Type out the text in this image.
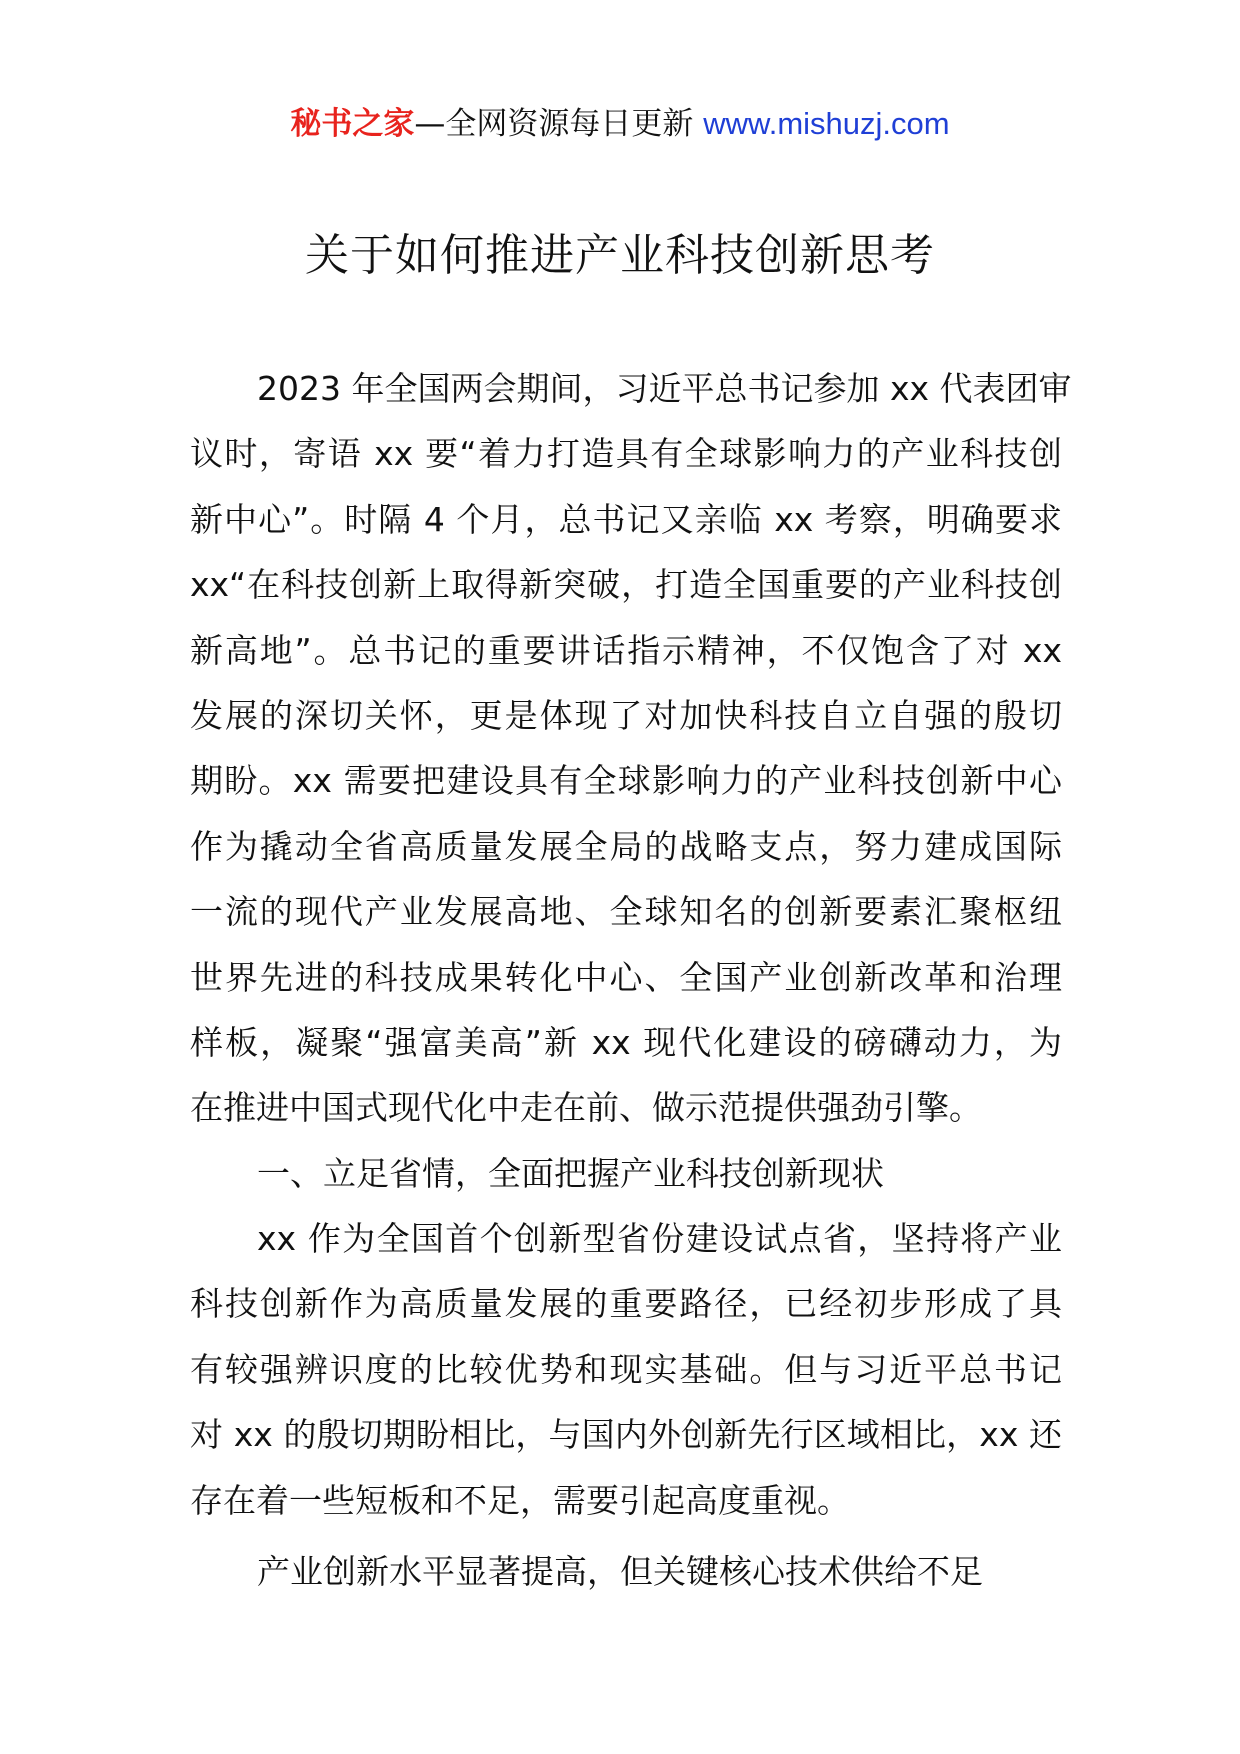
秘书之家—全网资源每日更新 www.mishuzj.com
关于如何推进产业科技创新思考
2023 年全国两会期间，习近平总书记参加 xx 代表团审
议时，寄语 xx 要“着力打造具有全球影响力的产业科技创
新中心”。时隔 4 个月，总书记又亲临 xx 考察，明确要求
xx“在科技创新上取得新突破，打造全国重要的产业科技创
新高地”。总书记的重要讲话指示精神，不仅饱含了对 xx
发展的深切关怀，更是体现了对加快科技自立自强的殷切
期盼。xx 需要把建设具有全球影响力的产业科技创新中心
作为撬动全省高质量发展全局的战略支点，努力建成国际
一流的现代产业发展高地、全球知名的创新要素汇聚枢纽
世界先进的科技成果转化中心、全国产业创新改革和治理
样板，凝聚“强富美高”新 xx 现代化建设的磅礴动力，为
在推进中国式现代化中走在前、做示范提供强劲引擎。
一、立足省情，全面把握产业科技创新现状
xx 作为全国首个创新型省份建设试点省，坚持将产业
科技创新作为高质量发展的重要路径，已经初步形成了具
有较强辨识度的比较优势和现实基础。但与习近平总书记
对 xx 的殷切期盼相比，与国内外创新先行区域相比，xx 还
存在着一些短板和不足，需要引起高度重视。
产业创新水平显著提高，但关键核心技术供给不足
